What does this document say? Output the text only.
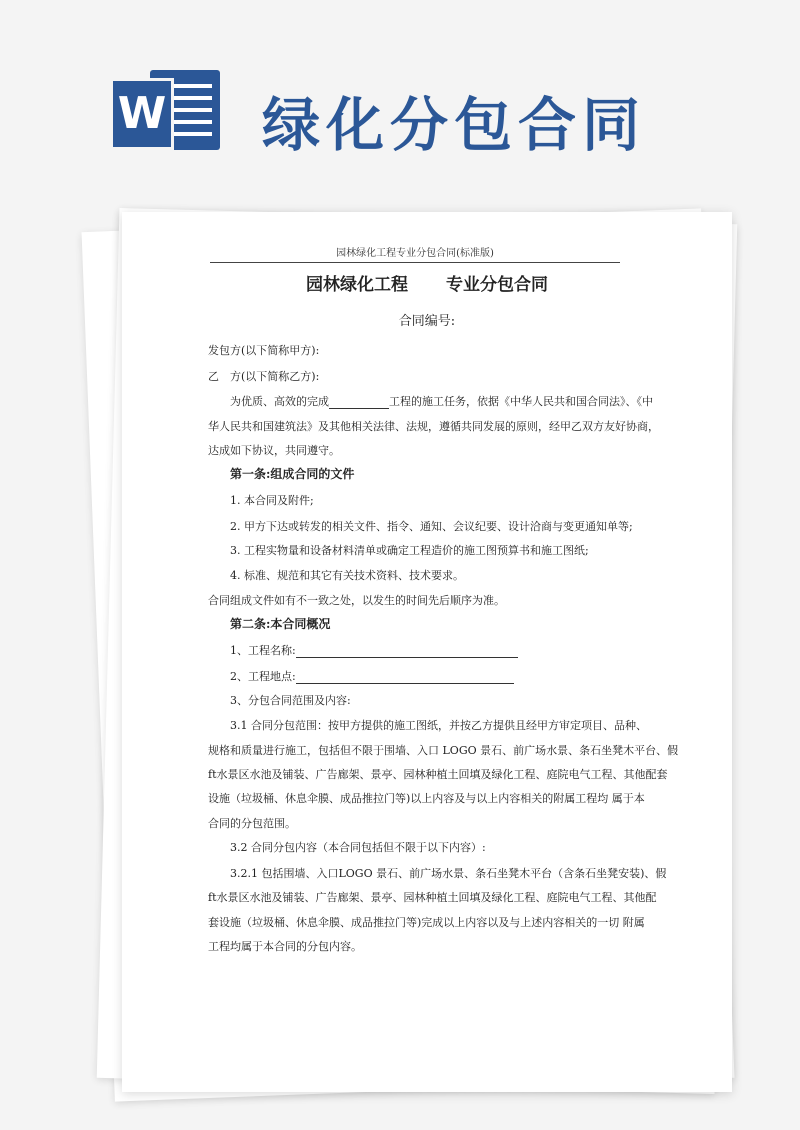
W 绿化分包合同
园林绿化工程专业分包合同(标准版)
园林绿化工程 专业分包合同
合同编号:
发包方(以下简称甲方):
乙　方(以下简称乙方):
为优质、高效的完成	工程的施工任务，依据《中华人民共和国合同法》、《中
华人民共和国建筑法》及其他相关法律、法规，遵循共同发展的原则，经甲乙双方友好协商，
达成如下协议，共同遵守。
第一条:组成合同的文件
1. 本合同及附件;
2. 甲方下达或转发的相关文件、指令、通知、会议纪要、设计洽商与变更通知单等;
3. 工程实物量和设备材料清单或确定工程造价的施工图预算书和施工图纸;
4. 标准、规范和其它有关技术资料、技术要求。
合同组成文件如有不一致之处，以发生的时间先后顺序为准。
第二条:本合同概况
1、工程名称:
2、工程地点:
3、分包合同范围及内容:
3.1 合同分包范围：按甲方提供的施工图纸，并按乙方提供且经甲方审定项目、品种、
规格和质量进行施工，包括但不限于围墙、入口 LOGO 景石、前广场水景、条石坐凳木平台、假
ft水景区水池及铺装、广告廊架、景亭、园林种植土回填及绿化工程、庭院电气工程、其他配套
设施（垃圾桶、休息伞膜、成品推拉门等)以上内容及与以上内容相关的附属工程均 属于本
合同的分包范围。
3.2 合同分包内容（本合同包括但不限于以下内容）:
3.2.1 包括围墙、入口LOGO 景石、前广场水景、条石坐凳木平台（含条石坐凳安装)、假
ft水景区水池及铺装、广告廊架、景亭、园林种植土回填及绿化工程、庭院电气工程、其他配
套设施（垃圾桶、休息伞膜、成品推拉门等)完成以上内容以及与上述内容相关的一切 附属
工程均属于本合同的分包内容。
